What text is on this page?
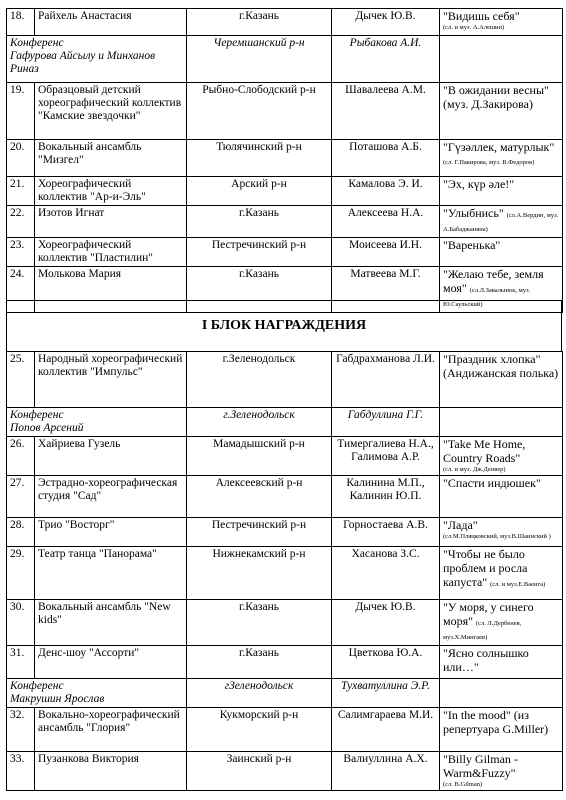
18.	Райхель Анастасия	г.Казань	Дычек Ю.В.	"Видишь себя"
(сл. и муз. А.Алешин)

Конференс
Гафурова Айсылу и Минханов Риназ		Черемшанский р-н	Рыбакова А.И.	
19.	Образцовый детский хореографический коллектив "Камские звездочки"	Рыбно-Слободский р-н	Шавалеева А.М.	"В ожидании весны" (муз. Д.Закирова)
20.	Вокальный ансамбль "Мизгел"	Тюлячинский р-н	Поташова А.Б.	"Гүзәллек, матурлык" (сл. Г.Пакирова, муз. В.Федоров)
21.	Хореографический коллектив "Ар-и-Эль"	Арский р-н	Камалова Э. И.	"Эх, күр әле!"
22.	Изотов Игнат	г.Казань	Алексеева Н.А.	"Улыбнись" (сл.А.Вердин, муз. А.Бабаджаняна)
23.	Хореографический коллектив "Пластилин"	Пестречинский р-н	Моисеева И.Н.	"Варенька"
24.	Молькова Мария	г.Казань	Матвеева М.Г.	"Желаю тебе, земля моя" (сл.Л.Завальнюк, муз. Ю.Саульский)
I БЛОК НАГРАЖДЕНИЯ
25.	Народный хореографический коллектив "Импульс"	г.Зеленодольск	Габдрахманова Л.И.	"Праздник хлопка" (Андижанская полька)
Конференс
Попов Арсений		г.Зеленодольск	Габдуллина Г.Г.	
26.	Хайриева Гузель	Мамадышский р-н	Тимергалиева Н.А., Галимова А.Р.	"Take Me Home, Country Roads"
(сл. и муз. Дж.Денвер)

27.	Эстрадно-хореографическая студия "Сад"	Алексеевский р-н	Калинина М.П., Калинин Ю.П.	"Спасти индюшек"
28.	Трио "Восторг"	Пестречинский р-н	Горностаева А.В.	"Лада"
(сл.М.Пляцковский, муз.В.Шаинский )

29.	Театр танца "Панорама"	Нижнекамский р-н	Хасанова З.С.	"Чтобы не было проблем и росла капуста" (сл. и муз.Е.Ваенга)
30.	Вокальный ансамбль "New kids"	г.Казань	Дычек Ю.В.	"У моря, у синего моря" (сл. Л.Дербенев, муз.Х.Мингаев)
31.	Денс-шоу "Ассорти"	г.Казань	Цветкова Ю.А.	"Ясно солнышко или…"
Конференс
Макрушин Ярослав		гЗеленодольск	Тухватуллина Э.Р.	
32.	Вокально-хореографический ансамбль "Глория"	Кукморский р-н	Салимгараева М.И.	"In the mood" (из репертуара G.Miller)
33.	Пузанкова Виктория	Заинский р-н	Валиуллина А.Х.	"Billy Gilman - Warm&Fuzzy"
(сл. B.Gilman)
